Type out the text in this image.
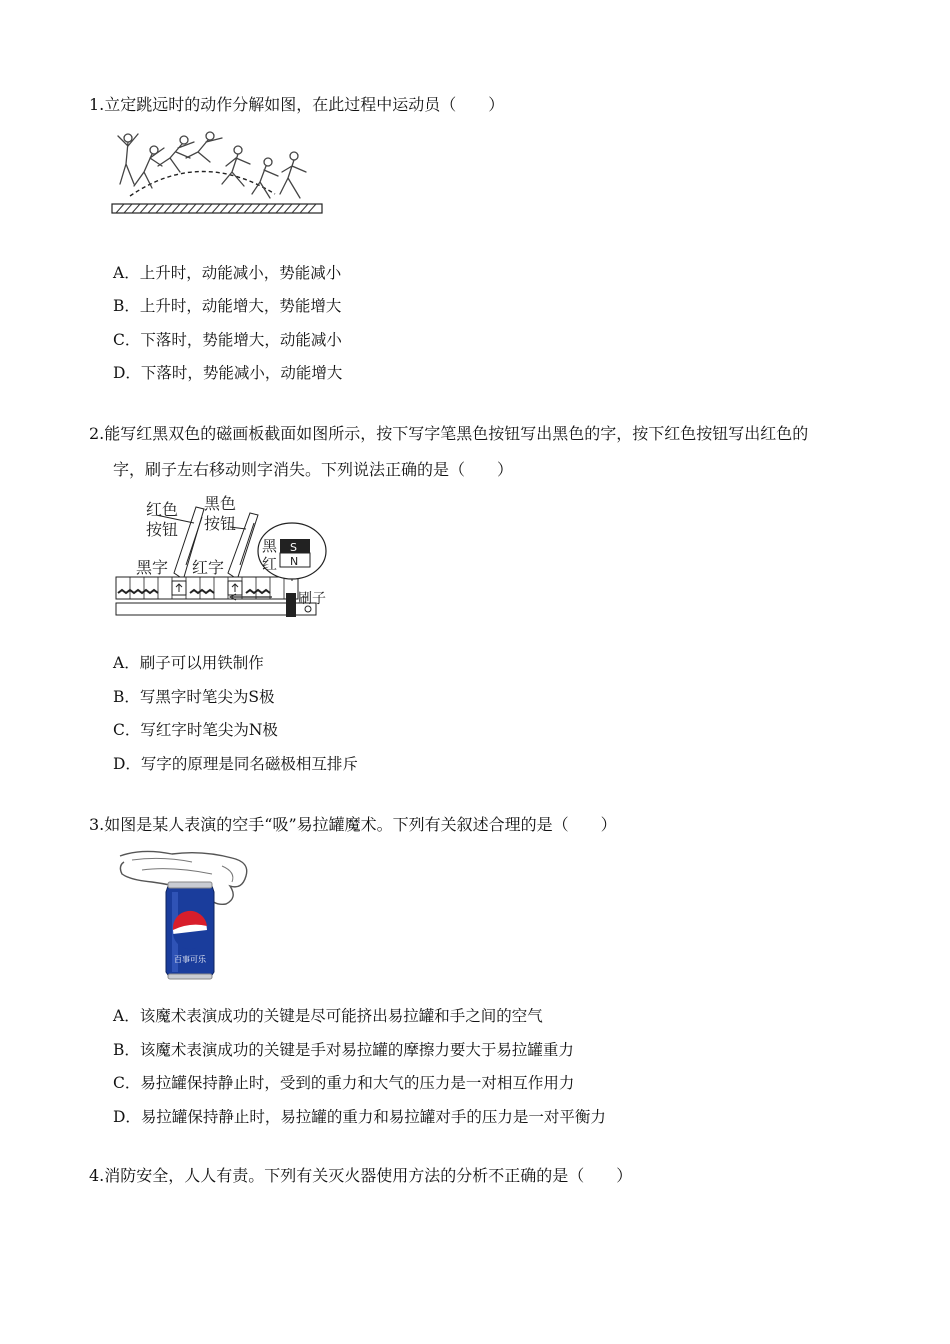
1.立定跳远时的动作分解如图，在此过程中运动员（　　）
A．上升时，动能减小，势能减小
B．上升时，动能增大，势能增大
C．下落时，势能增大，动能减小
D．下落时，势能减小，动能增大
2.能写红黑双色的磁画板截面如图所示，按下写字笔黑色按钮写出黑色的字，按下红色按钮写出红色的
字，刷子左右移动则字消失。下列说法正确的是（　　）
红色
按钮
黑色
按钮
黑字 红字
黑
红
S
N
刷子
A．刷子可以用铁制作
B．写黑字时笔尖为S极
C．写红字时笔尖为N极
D．写字的原理是同名磁极相互排斥
3.如图是某人表演的空手“吸”易拉罐魔术。下列有关叙述合理的是（　　）
百事可乐
A．该魔术表演成功的关键是尽可能挤出易拉罐和手之间的空气
B．该魔术表演成功的关键是手对易拉罐的摩擦力要大于易拉罐重力
C．易拉罐保持静止时，受到的重力和大气的压力是一对相互作用力
D．易拉罐保持静止时，易拉罐的重力和易拉罐对手的压力是一对平衡力
4.消防安全，人人有责。下列有关灭火器使用方法的分析不正确的是（　　）
